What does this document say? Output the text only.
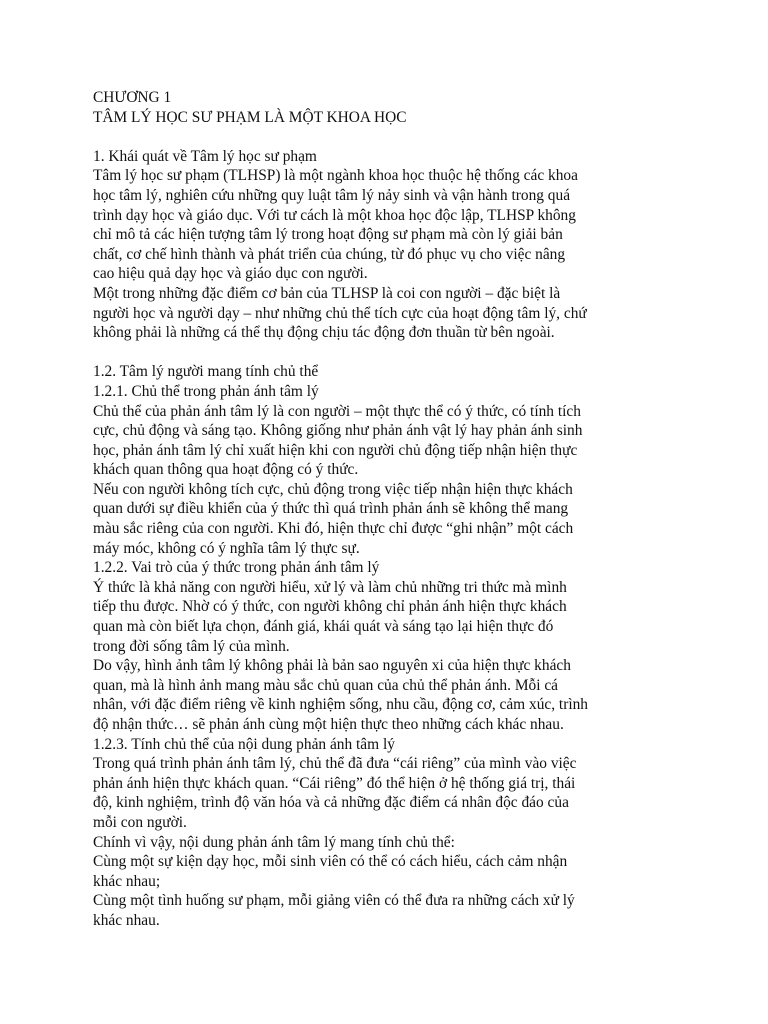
CHƯƠNG 1
TÂM LÝ HỌC SƯ PHẠM LÀ MỘT KHOA HỌC
1. Khái quát về Tâm lý học sư phạm
Tâm lý học sư phạm (TLHSP) là một ngành khoa học thuộc hệ thống các khoa
học tâm lý, nghiên cứu những quy luật tâm lý nảy sinh và vận hành trong quá
trình dạy học và giáo dục. Với tư cách là một khoa học độc lập, TLHSP không
chỉ mô tả các hiện tượng tâm lý trong hoạt động sư phạm mà còn lý giải bản
chất, cơ chế hình thành và phát triển của chúng, từ đó phục vụ cho việc nâng
cao hiệu quả dạy học và giáo dục con người.
Một trong những đặc điểm cơ bản của TLHSP là coi con người – đặc biệt là
người học và người dạy – như những chủ thể tích cực của hoạt động tâm lý, chứ
không phải là những cá thể thụ động chịu tác động đơn thuần từ bên ngoài.
1.2. Tâm lý người mang tính chủ thể
1.2.1. Chủ thể trong phản ánh tâm lý
Chủ thể của phản ánh tâm lý là con người – một thực thể có ý thức, có tính tích
cực, chủ động và sáng tạo. Không giống như phản ánh vật lý hay phản ánh sinh
học, phản ánh tâm lý chỉ xuất hiện khi con người chủ động tiếp nhận hiện thực
khách quan thông qua hoạt động có ý thức.
Nếu con người không tích cực, chủ động trong việc tiếp nhận hiện thực khách
quan dưới sự điều khiển của ý thức thì quá trình phản ánh sẽ không thể mang
màu sắc riêng của con người. Khi đó, hiện thực chỉ được “ghi nhận” một cách
máy móc, không có ý nghĩa tâm lý thực sự.
1.2.2. Vai trò của ý thức trong phản ánh tâm lý
Ý thức là khả năng con người hiểu, xử lý và làm chủ những tri thức mà mình
tiếp thu được. Nhờ có ý thức, con người không chỉ phản ánh hiện thực khách
quan mà còn biết lựa chọn, đánh giá, khái quát và sáng tạo lại hiện thực đó
trong đời sống tâm lý của mình.
Do vậy, hình ảnh tâm lý không phải là bản sao nguyên xi của hiện thực khách
quan, mà là hình ảnh mang màu sắc chủ quan của chủ thể phản ánh. Mỗi cá
nhân, với đặc điểm riêng về kinh nghiệm sống, nhu cầu, động cơ, cảm xúc, trình
độ nhận thức… sẽ phản ánh cùng một hiện thực theo những cách khác nhau.
1.2.3. Tính chủ thể của nội dung phản ánh tâm lý
Trong quá trình phản ánh tâm lý, chủ thể đã đưa “cái riêng” của mình vào việc
phản ánh hiện thực khách quan. “Cái riêng” đó thể hiện ở hệ thống giá trị, thái
độ, kinh nghiệm, trình độ văn hóa và cả những đặc điểm cá nhân độc đáo của
mỗi con người.
Chính vì vậy, nội dung phản ánh tâm lý mang tính chủ thể:
Cùng một sự kiện dạy học, mỗi sinh viên có thể có cách hiểu, cách cảm nhận
khác nhau;
Cùng một tình huống sư phạm, mỗi giảng viên có thể đưa ra những cách xử lý
khác nhau.
